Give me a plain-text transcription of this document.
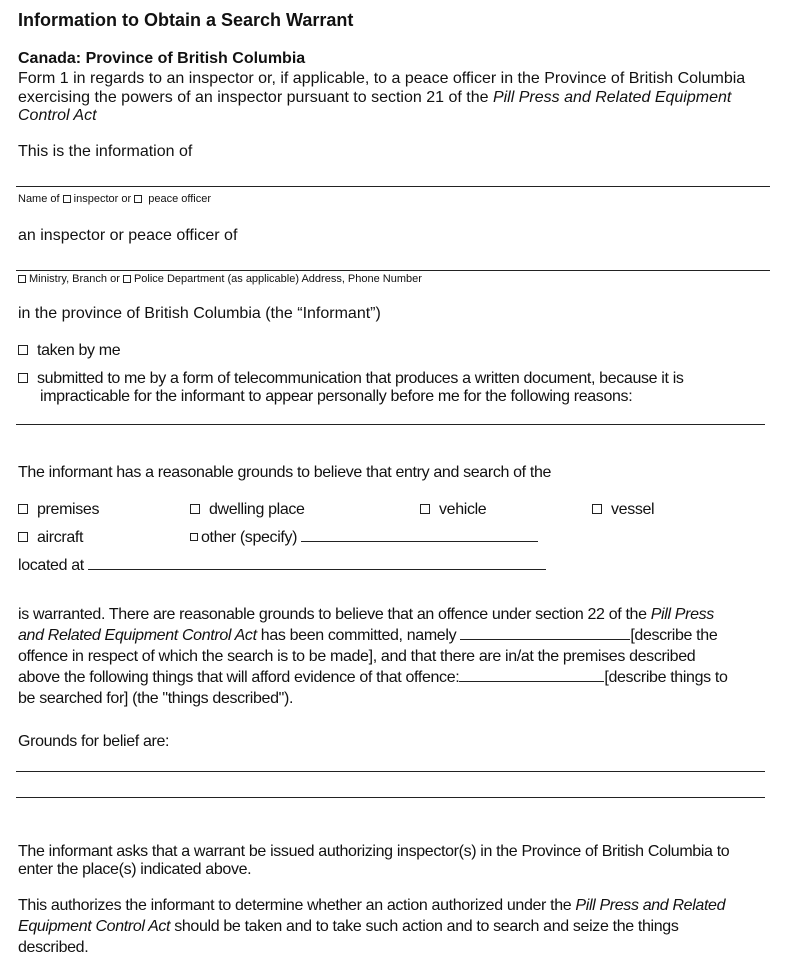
Information to Obtain a Search Warrant
Canada: Province of British Columbia
Form 1 in regards to an inspector or, if applicable, to a peace officer in the Province of British Columbia
exercising the powers of an inspector pursuant to section 21 of the Pill Press and Related Equipment
Control Act
This is the information of
Name of inspector or peace officer
an inspector or peace officer of
Ministry, Branch or Police Department (as applicable) Address, Phone Number
in the province of British Columbia (the “Informant”)
taken by me
submitted to me by a form of telecommunication that produces a written document, because it is
impracticable for the informant to appear personally before me for the following reasons:
The informant has a reasonable grounds to believe that entry and search of the
premises	dwelling place	vehicle	vessel
aircraft	other (specify)
located at
is warranted. There are reasonable grounds to believe that an offence under section 22 of the Pill Press
and Related Equipment Control Act has been committed, namely	[describe the
offence in respect of which the search is to be made], and that there are in/at the premises described
above the following things that will afford evidence of that offence:	[describe things to
be searched for] (the "things described").
Grounds for belief are:
The informant asks that a warrant be issued authorizing inspector(s) in the Province of British Columbia to
enter the place(s) indicated above.
This authorizes the informant to determine whether an action authorized under the Pill Press and Related
Equipment Control Act should be taken and to take such action and to search and seize the things
described.
